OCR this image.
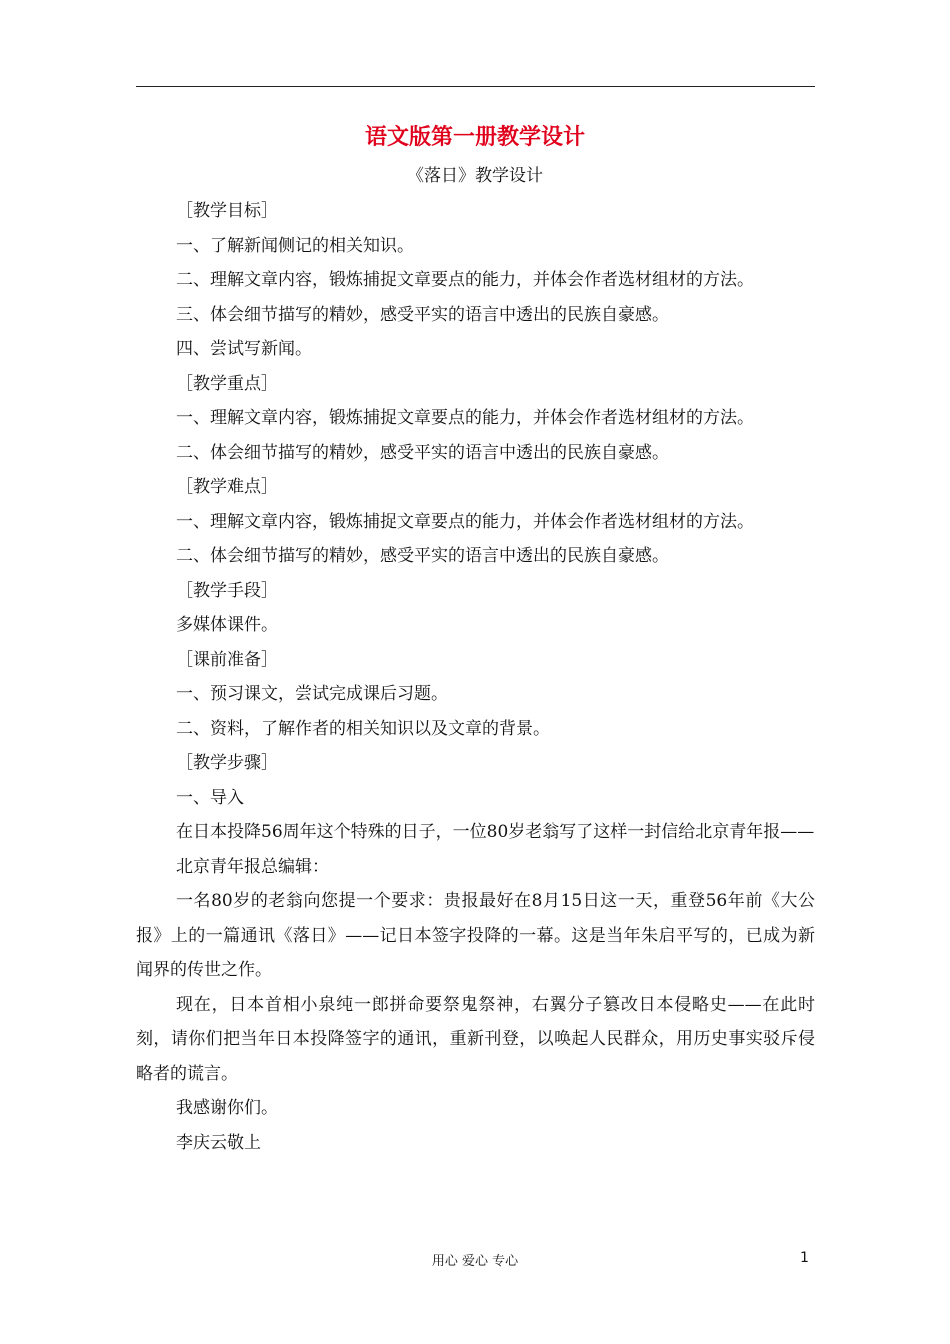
语文版第一册教学设计
《落日》教学设计

［教学目标］

一、了解新闻侧记的相关知识。

二、理解文章内容，锻炼捕捉文章要点的能力，并体会作者选材组材的方法。

三、体会细节描写的精妙，感受平实的语言中透出的民族自豪感。

四、尝试写新闻。

［教学重点］

一、理解文章内容，锻炼捕捉文章要点的能力，并体会作者选材组材的方法。

二、体会细节描写的精妙，感受平实的语言中透出的民族自豪感。

［教学难点］

一、理解文章内容，锻炼捕捉文章要点的能力，并体会作者选材组材的方法。

二、体会细节描写的精妙，感受平实的语言中透出的民族自豪感。

［教学手段］

多媒体课件。

［课前准备］

一、预习课文，尝试完成课后习题。

二、资料，了解作者的相关知识以及文章的背景。

［教学步骤］

一、导入

在日本投降56周年这个特殊的日子，一位80岁老翁写了这样一封信给北京青年报——

北京青年报总编辑：

一名80岁的老翁向您提一个要求：贵报最好在8月15日这一天，重登56年前《大公报》上的一篇通讯《落日》——记日本签字投降的一幕。这是当年朱启平写的，已成为新闻界的传世之作。

现在，日本首相小泉纯一郎拼命要祭鬼祭神，右翼分子篡改日本侵略史——在此时刻，请你们把当年日本投降签字的通讯，重新刊登，以唤起人民群众，用历史事实驳斥侵略者的谎言。

我感谢你们。

李庆云敬上

用心 爱心 专心	1
